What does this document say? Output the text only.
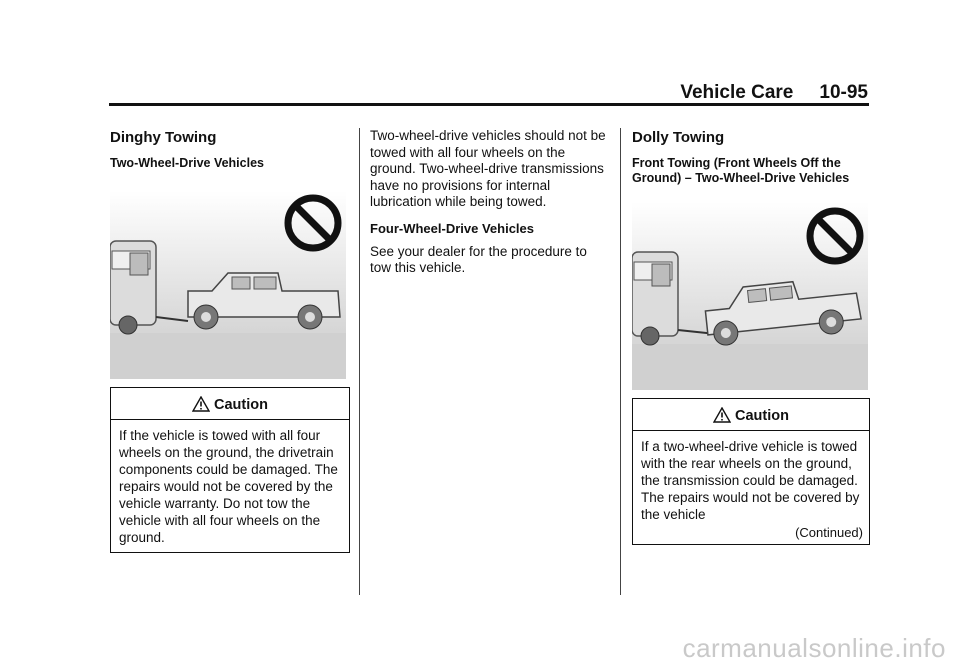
Vehicle Care 10-95
Dinghy Towing
Two-Wheel-Drive Vehicles
Caution
If the vehicle is towed with all four wheels on the ground, the drivetrain components could be damaged. The repairs would not be covered by the vehicle warranty. Do not tow the vehicle with all four wheels on the ground.

Two-wheel-drive vehicles should not be towed with all four wheels on the ground. Two-wheel-drive transmissions have no provisions for internal lubrication while being towed.

Four-Wheel-Drive Vehicles

See your dealer for the procedure to tow this vehicle.

Dolly Towing
Front Towing (Front Wheels Off the Ground) – Two-Wheel-Drive Vehicles
Caution
If a two-wheel-drive vehicle is towed with the rear wheels on the ground, the transmission could be damaged. The repairs would not be covered by the vehicle
(Continued)
carmanualsonline.info
